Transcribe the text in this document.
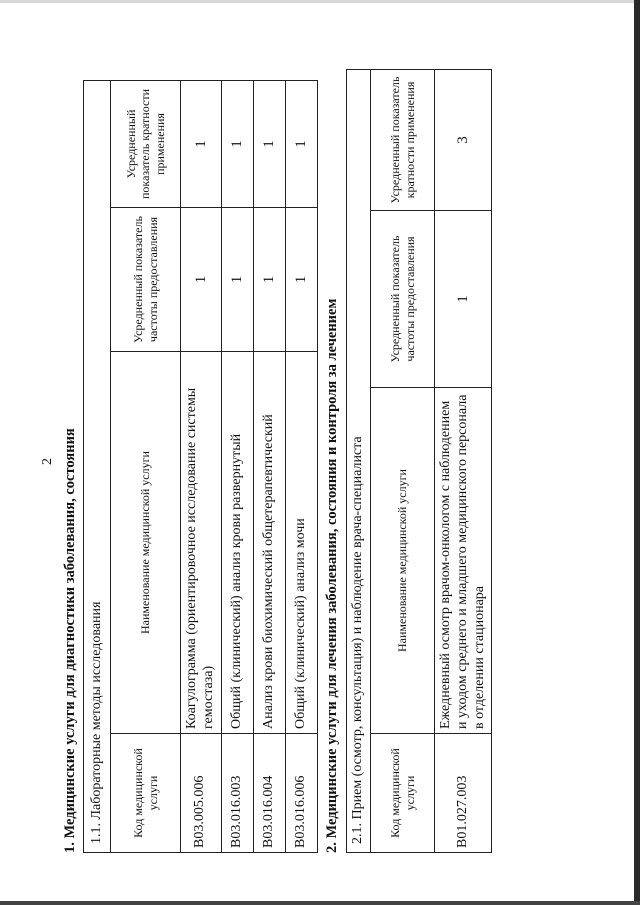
2 1. Медицинские услуги для диагностики заболевания, состояния 1.1. Лабораторные методы исследования			
Код медицинской услуги	Наименование медицинской услуги	Усредненный показатель частоты предоставления	Усредненный показатель кратности применения
B03.005.006	Коагулограмма (ориентировочное исследование системы гемостаза)	1	1
B03.016.003	Общий (клинический) анализ крови развернутый	1	1
B03.016.004	Анализ крови биохимический общетерапевтический	1	1
B03.016.006	Общий (клинический) анализ мочи	1	1
2. Медицинские услуги для лечения заболевания, состояния и контроля за лечением 2.1. Прием (осмотр, консультация) и наблюдение врача-специалиста			
Код медицинской услуги	Наименование медицинской услуги	Усредненный показатель частоты предоставления	Усредненный показатель кратности применения
B01.027.003	Ежедневный осмотр врачом-онкологом с наблюдением и уходом среднего и младшего медицинского персонала в отделении стационара	1	3
